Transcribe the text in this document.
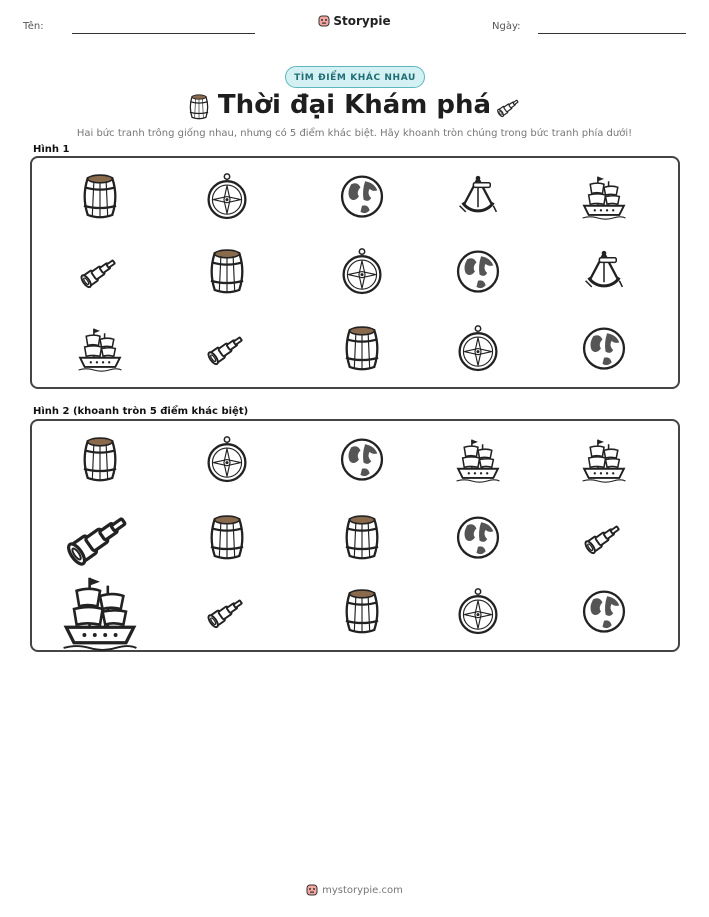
Tên:	Storypie	Ngày:
TÌM ĐIỂM KHÁC NHAU
Thời đại Khám phá
Hai bức tranh trông giống nhau, nhưng có 5 điểm khác biệt. Hãy khoanh tròn chúng trong bức tranh phía dưới!
Hình 1
Hình 2 (khoanh tròn 5 điểm khác biệt)
mystorypie.com
